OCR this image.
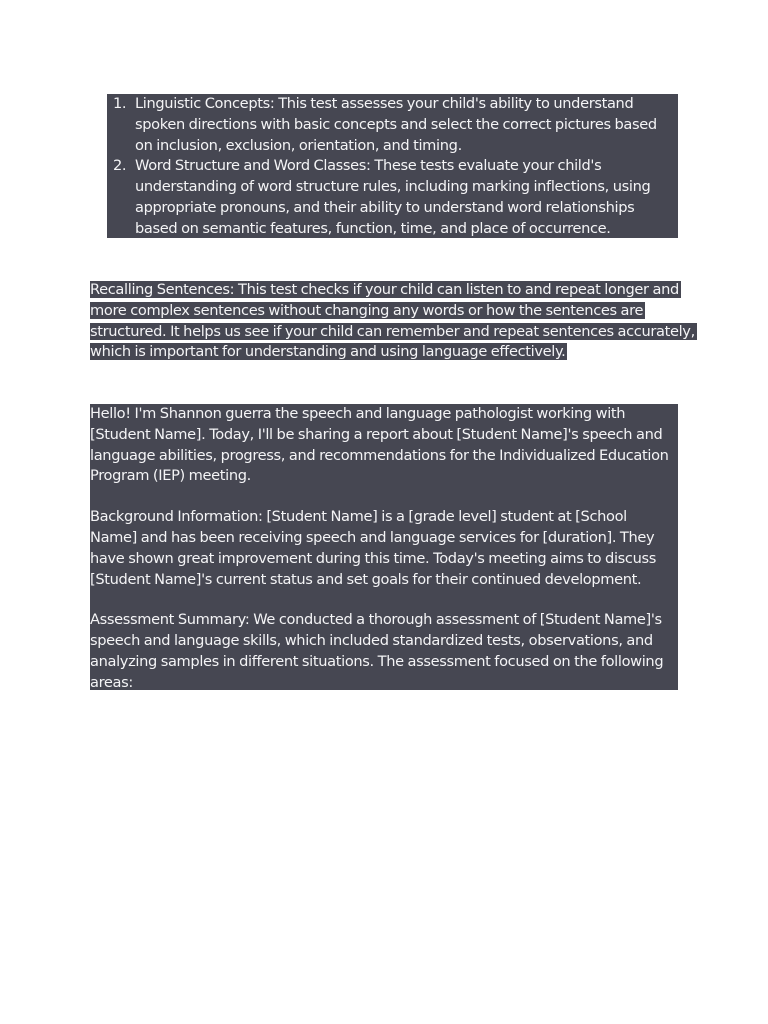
1. Linguistic Concepts: This test assesses your child's ability to understand spoken directions with basic concepts and select the correct pictures based on inclusion, exclusion, orientation, and timing.
2. Word Structure and Word Classes: These tests evaluate your child's understanding of word structure rules, including marking inflections, using appropriate pronouns, and their ability to understand word relationships based on semantic features, function, time, and place of occurrence.
Recalling Sentences: This test checks if your child can listen to and repeat longer and
more complex sentences without changing any words or how the sentences are
structured. It helps us see if your child can remember and repeat sentences accurately,
which is important for understanding and using language effectively.

Hello! I'm Shannon guerra the speech and language pathologist working with [Student Name]. Today, I'll be sharing a report about [Student Name]'s speech and language abilities, progress, and recommendations for the Individualized Education Program (IEP) meeting.

Background Information: [Student Name] is a [grade level] student at [School Name] and has been receiving speech and language services for [duration]. They have shown great improvement during this time. Today's meeting aims to discuss [Student Name]'s current status and set goals for their continued development.

Assessment Summary: We conducted a thorough assessment of [Student Name]'s speech and language skills, which included standardized tests, observations, and analyzing samples in different situations. The assessment focused on the following areas:
